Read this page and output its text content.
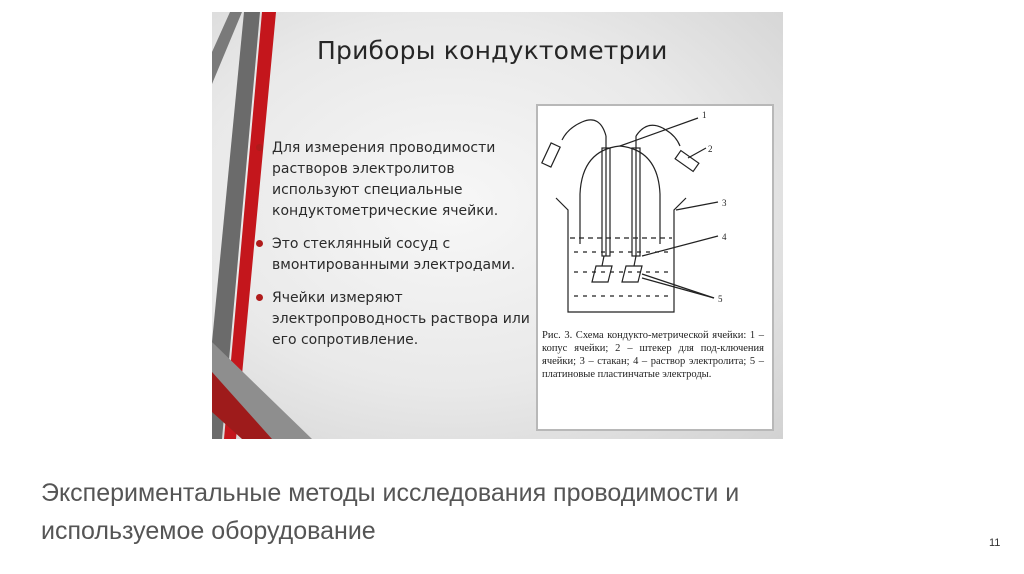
Приборы кондуктометрии
Для измерения проводимости растворов электролитов используют специальные кондуктометрические ячейки.
Это стеклянный сосуд с вмонтированными электродами.
Ячейки измеряют электропроводность раствора или его сопротивление.
1
2
3
4
5

Рис. 3. Схема кондукто-метрической ячейки: 1 – копус ячейки; 2 – штекер для под-ключения ячейки; 3 – стакан; 4 – раствор электролита; 5 – платиновые пластинчатые электроды.

Экспериментальные методы исследования проводимости и используемое оборудование	11
